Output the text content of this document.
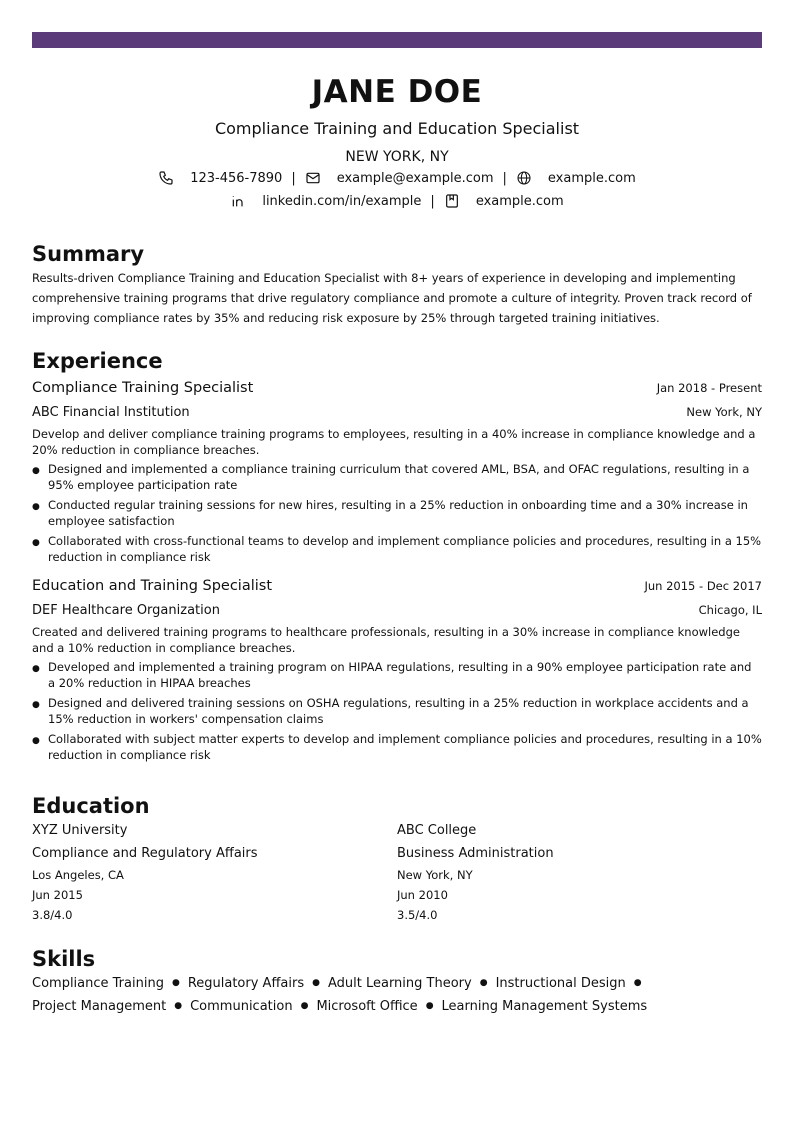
JANE DOE
Compliance Training and Education Specialist
NEW YORK, NY
123-456-7890 |	example@example.com |	example.com
linkedin.com/in/example |	example.com
Summary

Results-driven Compliance Training and Education Specialist with 8+ years of experience in developing and implementing comprehensive training programs that drive regulatory compliance and promote a culture of integrity. Proven track record of improving compliance rates by 35% and reducing risk exposure by 25% through targeted training initiatives.

Experience
Compliance Training Specialist	Jan 2018 - Present
ABC Financial Institution	New York, NY

Develop and deliver compliance training programs to employees, resulting in a 40% increase in compliance knowledge and a 20% reduction in compliance breaches.

● Designed and implemented a compliance training curriculum that covered AML, BSA, and OFAC regulations, resulting in a 95% employee participation rate
● Conducted regular training sessions for new hires, resulting in a 25% reduction in onboarding time and a 30% increase in employee satisfaction
● Collaborated with cross-functional teams to develop and implement compliance policies and procedures, resulting in a 15% reduction in compliance risk
Education and Training Specialist	Jun 2015 - Dec 2017
DEF Healthcare Organization	Chicago, IL

Created and delivered training programs to healthcare professionals, resulting in a 30% increase in compliance knowledge and a 10% reduction in compliance breaches.

● Developed and implemented a training program on HIPAA regulations, resulting in a 90% employee participation rate and a 20% reduction in HIPAA breaches
● Designed and delivered training sessions on OSHA regulations, resulting in a 25% reduction in workplace accidents and a 15% reduction in workers' compensation claims
● Collaborated with subject matter experts to develop and implement compliance policies and procedures, resulting in a 10% reduction in compliance risk
Education
XYZ University
Compliance and Regulatory Affairs
Los Angeles, CA
Jun 2015
3.8/4.0
ABC College
Business Administration
New York, NY
Jun 2010
3.5/4.0
Skills
Compliance Training ● Regulatory Affairs ● Adult Learning Theory ● Instructional Design ●
Project Management ● Communication ● Microsoft Office ● Learning Management Systems
